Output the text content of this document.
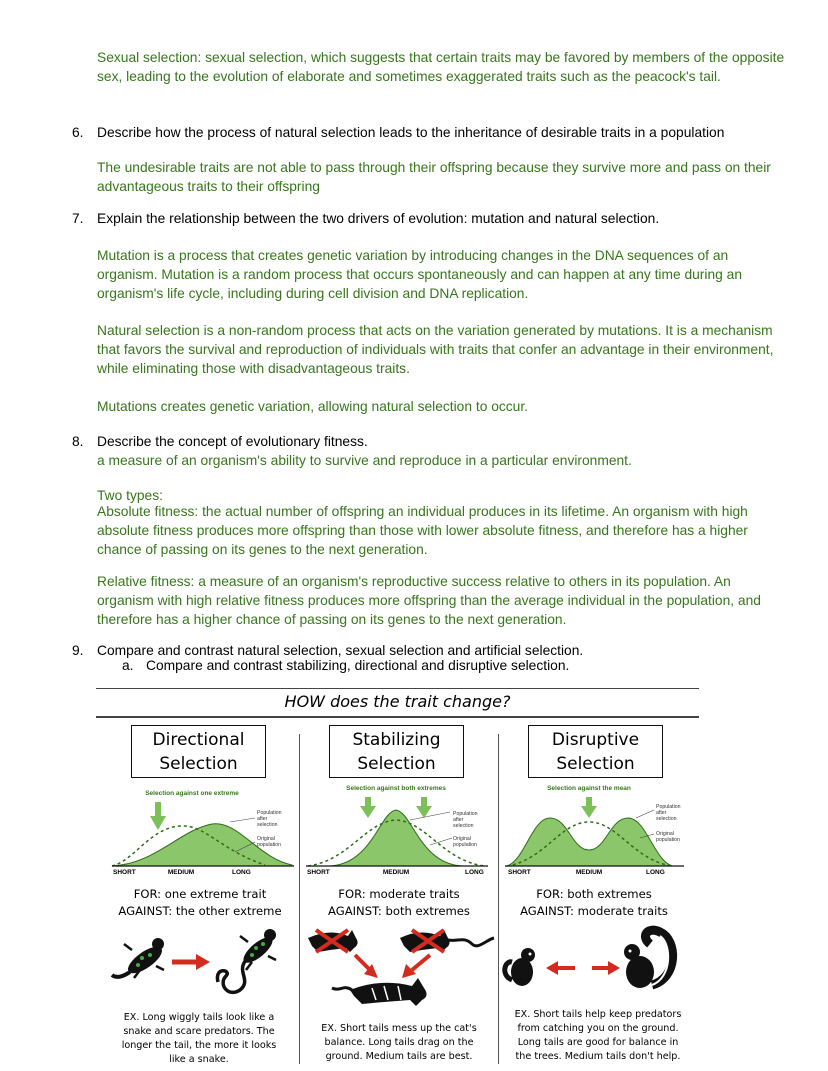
Sexual selection: sexual selection, which suggests that certain traits may be favored by members of the opposite sex, leading to the evolution of elaborate and sometimes exaggerated traits such as the peacock's tail.
6. Describe how the process of natural selection leads to the inheritance of desirable traits in a population
The undesirable traits are not able to pass through their offspring because they survive more and pass on their advantageous traits to their offspring
7. Explain the relationship between the two drivers of evolution: mutation and natural selection.
Mutation is a process that creates genetic variation by introducing changes in the DNA sequences of an organism. Mutation is a random process that occurs spontaneously and can happen at any time during an organism's life cycle, including during cell division and DNA replication.
Natural selection is a non-random process that acts on the variation generated by mutations. It is a mechanism that favors the survival and reproduction of individuals with traits that confer an advantage in their environment, while eliminating those with disadvantageous traits.
Mutations creates genetic variation, allowing natural selection to occur.
8. Describe the concept of evolutionary fitness.
a measure of an organism's ability to survive and reproduce in a particular environment.
Two types:
Absolute fitness: the actual number of offspring an individual produces in its lifetime. An organism with high absolute fitness produces more offspring than those with lower absolute fitness, and therefore has a higher chance of passing on its genes to the next generation.
Relative fitness: a measure of an organism's reproductive success relative to others in its population. An organism with high relative fitness produces more offspring than the average individual in the population, and therefore has a higher chance of passing on its genes to the next generation.
9. Compare and contrast natural selection, sexual selection and artificial selection.
a. Compare and contrast stabilizing, directional and disruptive selection.
HOW does the trait change?
Directional
Selection
Stabilizing
Selection
Disruptive
Selection
Selection against one extreme
Population after selection
Original population
SHORT	MEDIUM	LONG
Selection against both extremes
Population after selection
Original population
SHORT	MEDIUM	LONG
Selection against the mean
Population after selection
Original population
SHORT	MEDIUM	LONG
FOR: one extreme trait
AGAINST: the other extreme
FOR: moderate traits
AGAINST: both extremes
FOR: both extremes
AGAINST: moderate traits
EX. Long wiggly tails look like a
snake and scare predators. The
longer the tail, the more it looks
like a snake.
EX. Short tails mess up the cat's
balance. Long tails drag on the
ground. Medium tails are best.
EX. Short tails help keep predators
from catching you on the ground.
Long tails are good for balance in
the trees. Medium tails don't help.
